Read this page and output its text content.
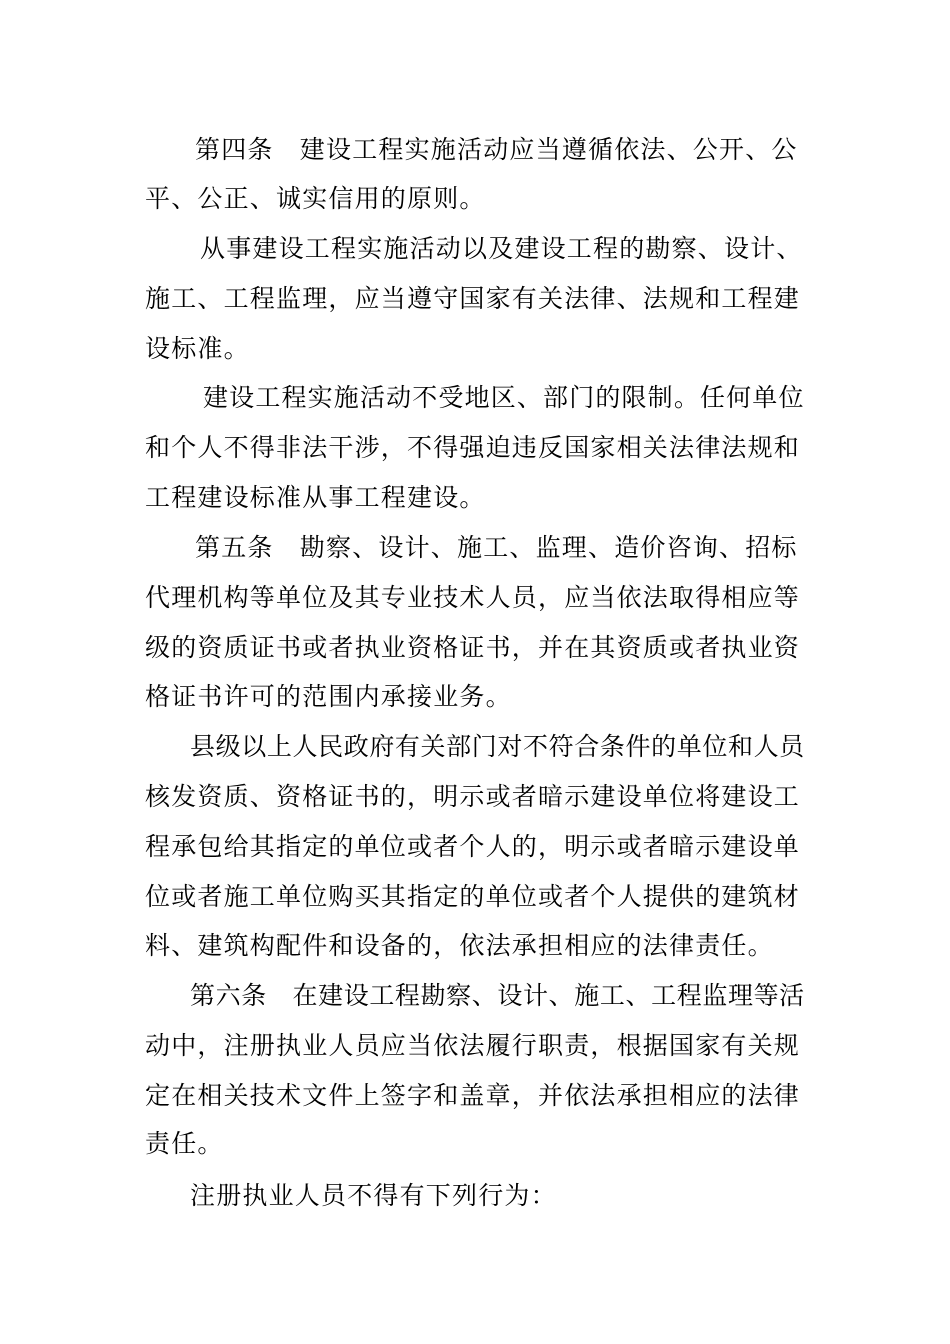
第四条　建设工程实施活动应当遵循依法、公开、公
平、公正、诚实信用的原则。
从事建设工程实施活动以及建设工程的勘察、设计、
施工、工程监理，应当遵守国家有关法律、法规和工程建
设标准。
建设工程实施活动不受地区、部门的限制。任何单位
和个人不得非法干涉，不得强迫违反国家相关法律法规和
工程建设标准从事工程建设。
第五条　勘察、设计、施工、监理、造价咨询、招标
代理机构等单位及其专业技术人员，应当依法取得相应等
级的资质证书或者执业资格证书，并在其资质或者执业资
格证书许可的范围内承接业务。
县级以上人民政府有关部门对不符合条件的单位和人员
核发资质、资格证书的，明示或者暗示建设单位将建设工
程承包给其指定的单位或者个人的，明示或者暗示建设单
位或者施工单位购买其指定的单位或者个人提供的建筑材
料、建筑构配件和设备的，依法承担相应的法律责任。
第六条　在建设工程勘察、设计、施工、工程监理等活
动中，注册执业人员应当依法履行职责，根据国家有关规
定在相关技术文件上签字和盖章，并依法承担相应的法律
责任。
注册执业人员不得有下列行为：
